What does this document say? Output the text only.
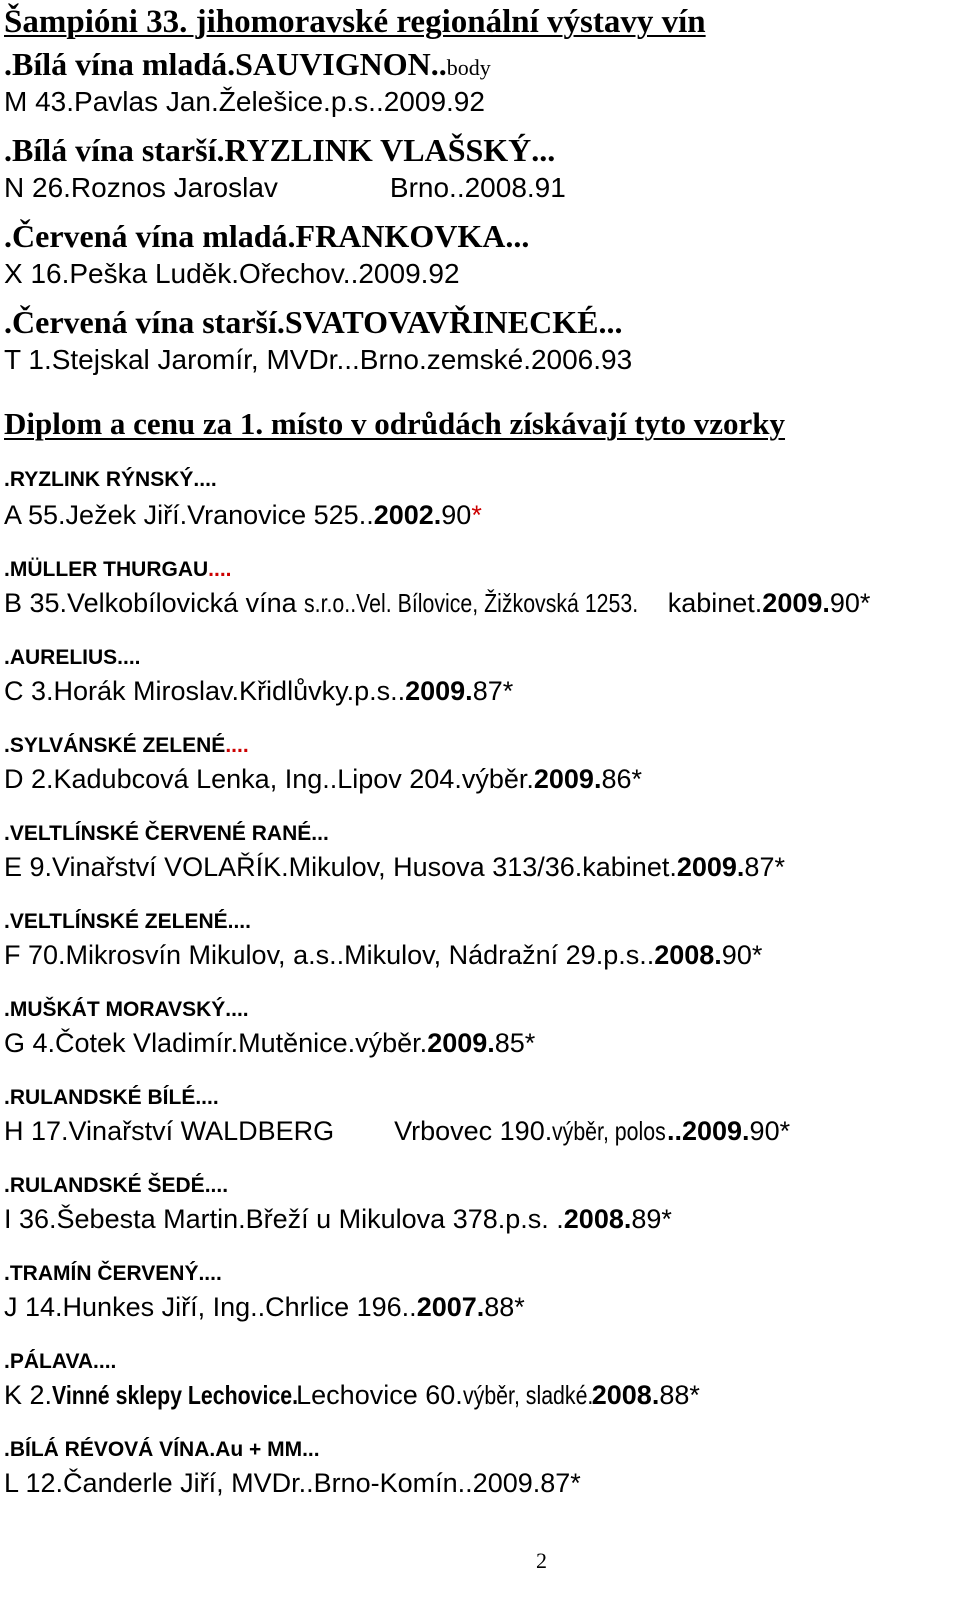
Šampióni 33. jihomoravské regionální výstavy vín
.Bílá vína mladá.SAUVIGNON..body
M 43.Pavlas Jan.Želešice.p.s..2009.92
.Bílá vína starší.RYZLINK VLAŠSKÝ...
N 26.Roznos Jaroslav	Brno..2008.91
.Červená vína mladá.FRANKOVKA...
X 16.Peška Luděk.Ořechov..2009.92
.Červená vína starší.SVATOVAVŘINECKÉ...
T 1.Stejskal Jaromír, MVDr...Brno.zemské.2006.93
Diplom a cenu za 1. místo v odrůdách získávají tyto vzorky
.RYZLINK RÝNSKÝ....
A 55.Ježek Jiří.Vranovice 525..2002.90*
.MÜLLER THURGAU....
B 35.Velkobílovická vína s.r.o..Vel. Bílovice, Žižkovská 1253. kabinet.2009.90*
.AURELIUS....
C 3.Horák Miroslav.Křidlůvky.p.s..2009.87*
.SYLVÁNSKÉ ZELENÉ....
D 2.Kadubcová Lenka, Ing..Lipov 204.výběr.2009.86*
.VELTLÍNSKÉ ČERVENÉ RANÉ...
E 9.Vinařství VOLAŘÍK.Mikulov, Husova 313/36.kabinet.2009.87*
.VELTLÍNSKÉ ZELENÉ....
F 70.Mikrosvín Mikulov, a.s..Mikulov, Nádražní 29.p.s..2008.90*
.MUŠKÁT MORAVSKÝ....
G 4.Čotek Vladimír.Mutěnice.výběr.2009.85*
.RULANDSKÉ BÍLÉ....
H 17.Vinařství WALDBERG Vrbovec 190.výběr, polos..2009.90*
.RULANDSKÉ ŠEDÉ....
I 36.Šebesta Martin.Břeží u Mikulova 378.p.s. .2008.89*
.TRAMÍN ČERVENÝ....
J 14.Hunkes Jiří, Ing..Chrlice 196..2007.88*
.PÁLAVA....
K 2.Vinné sklepy Lechovice.Lechovice 60.výběr, sladké.2008.88*
.BÍLÁ RÉVOVÁ VÍNA.Au + MM...
L 12.Čanderle Jiří, MVDr..Brno-Komín..2009.87*
2
